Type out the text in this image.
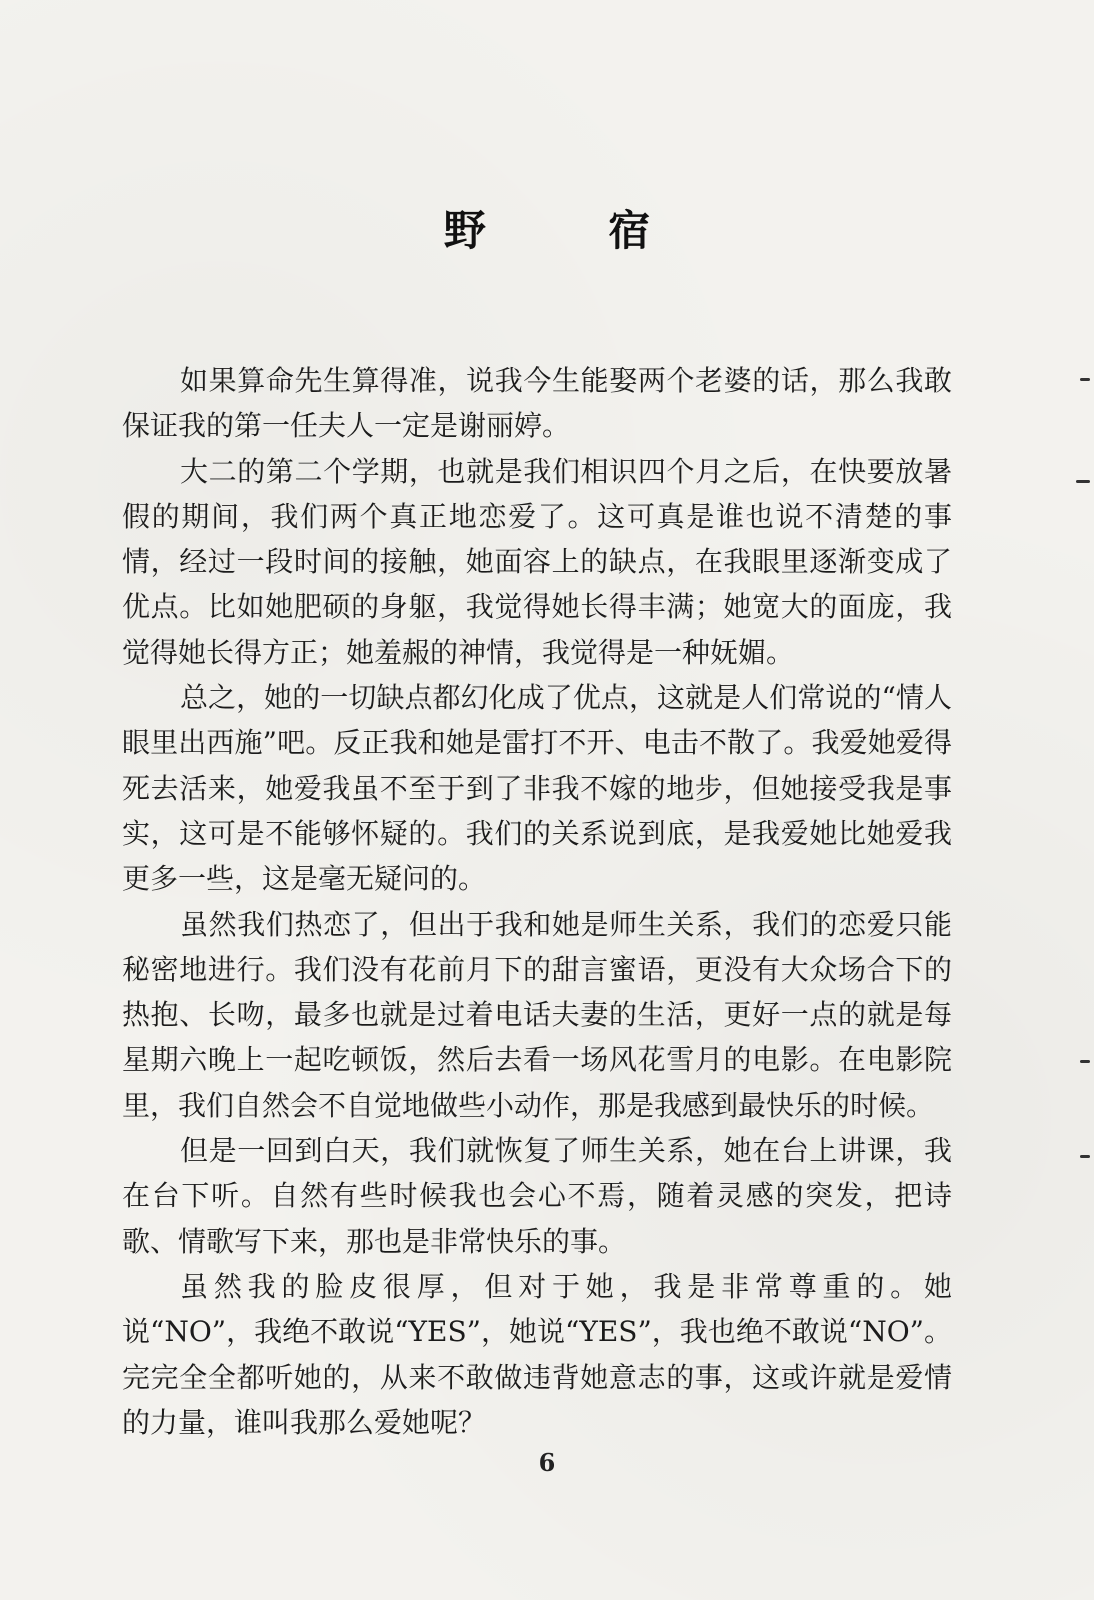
野 宿

如果算命先生算得准，说我今生能娶两个老婆的话，那么我敢保证我的第一任夫人一定是谢丽婷。

大二的第二个学期，也就是我们相识四个月之后，在快要放暑假的期间，我们两个真正地恋爱了。这可真是谁也说不清楚的事情，经过一段时间的接触，她面容上的缺点，在我眼里逐渐变成了优点。比如她肥硕的身躯，我觉得她长得丰满；她宽大的面庞，我觉得她长得方正；她羞赧的神情，我觉得是一种妩媚。

总之，她的一切缺点都幻化成了优点，这就是人们常说的“情人眼里出西施”吧。反正我和她是雷打不开、电击不散了。我爱她爱得死去活来，她爱我虽不至于到了非我不嫁的地步，但她接受我是事实，这可是不能够怀疑的。我们的关系说到底，是我爱她比她爱我更多一些，这是毫无疑问的。

虽然我们热恋了，但出于我和她是师生关系，我们的恋爱只能秘密地进行。我们没有花前月下的甜言蜜语，更没有大众场合下的热抱、长吻，最多也就是过着电话夫妻的生活，更好一点的就是每星期六晚上一起吃顿饭，然后去看一场风花雪月的电影。在电影院里，我们自然会不自觉地做些小动作，那是我感到最快乐的时候。

但是一回到白天，我们就恢复了师生关系，她在台上讲课，我在台下听。自然有些时候我也会心不焉，随着灵感的突发，把诗歌、情歌写下来，那也是非常快乐的事。

虽然我的脸皮很厚，但对于她，我是非常尊重的。她说“NO”，我绝不敢说“YES”，她说“YES”，我也绝不敢说“NO”。完完全全都听她的，从来不敢做违背她意志的事，这或许就是爱情的力量，谁叫我那么爱她呢？

6
